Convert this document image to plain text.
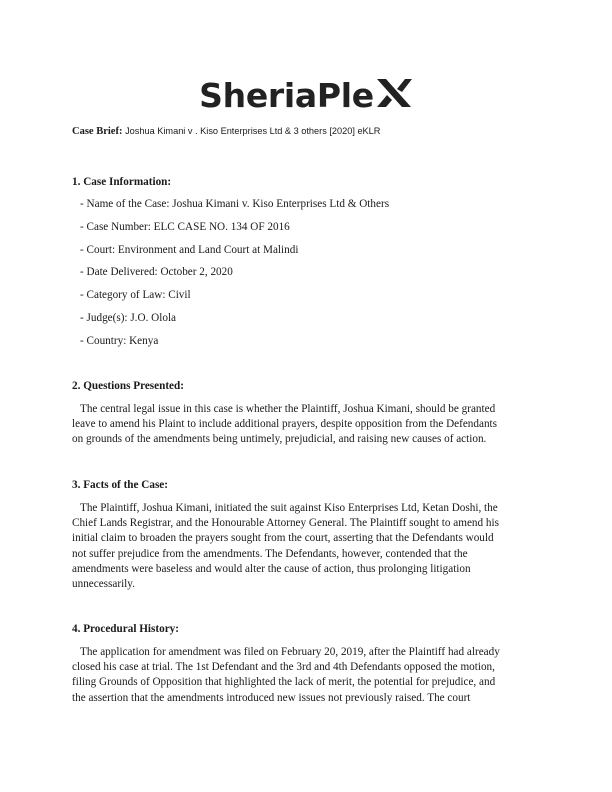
SheriaPle
Case Brief: Joshua Kimani v . Kiso Enterprises Ltd & 3 others [2020] eKLR
1. Case Information:
- Name of the Case: Joshua Kimani v. Kiso Enterprises Ltd & Others
- Case Number: ELC CASE NO. 134 OF 2016
- Court: Environment and Land Court at Malindi
- Date Delivered: October 2, 2020
- Category of Law: Civil
- Judge(s): J.O. Olola
- Country: Kenya
2. Questions Presented:
The central legal issue in this case is whether the Plaintiff, Joshua Kimani, should be granted
leave to amend his Plaint to include additional prayers, despite opposition from the Defendants
on grounds of the amendments being untimely, prejudicial, and raising new causes of action.
3. Facts of the Case:
The Plaintiff, Joshua Kimani, initiated the suit against Kiso Enterprises Ltd, Ketan Doshi, the
Chief Lands Registrar, and the Honourable Attorney General. The Plaintiff sought to amend his
initial claim to broaden the prayers sought from the court, asserting that the Defendants would
not suffer prejudice from the amendments. The Defendants, however, contended that the
amendments were baseless and would alter the cause of action, thus prolonging litigation
unnecessarily.
4. Procedural History:
The application for amendment was filed on February 20, 2019, after the Plaintiff had already
closed his case at trial. The 1st Defendant and the 3rd and 4th Defendants opposed the motion,
filing Grounds of Opposition that highlighted the lack of merit, the potential for prejudice, and
the assertion that the amendments introduced new issues not previously raised. The court
